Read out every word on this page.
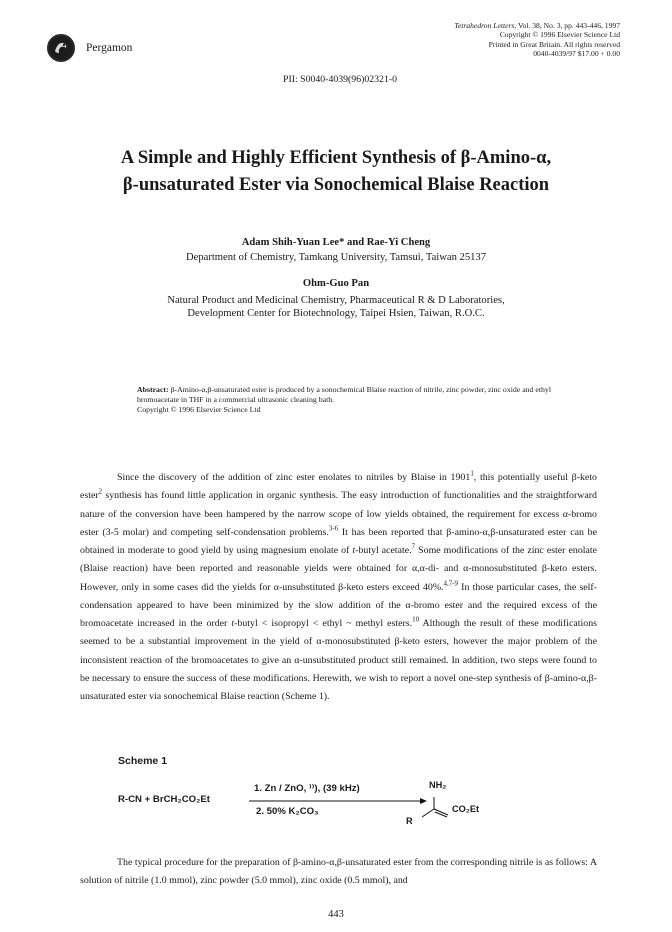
Pergamon
Tetrahedron Letters, Vol. 38, No. 3, pp. 443-446, 1997
Copyright © 1996 Elsevier Science Ltd
Printed in Great Britain. All rights reserved
0040-4039/97 $17.00 + 0.00
PII: S0040-4039(96)02321-0
A Simple and Highly Efficient Synthesis of β-Amino-α,
β-unsaturated Ester via Sonochemical Blaise Reaction
Adam Shih-Yuan Lee* and Rae-Yi Cheng
Department of Chemistry, Tamkang University, Tamsui, Taiwan 25137
Ohm-Guo Pan
Natural Product and Medicinal Chemistry, Pharmaceutical R & D Laboratories,
Development Center for Biotechnology, Taipei Hsien, Taiwan, R.O.C.
Abstract: β-Amino-α,β-unsaturated ester is produced by a sonochemical Blaise reaction of nitrile, zinc powder, zinc oxide and ethyl bromoacetate in THF in a commercial ultrasonic cleaning bath.
Copyright © 1996 Elsevier Science Ltd

Since the discovery of the addition of zinc ester enolates to nitriles by Blaise in 1901$^1$, this potentially useful β-keto ester$^2$ synthesis has found little application in organic synthesis. The easy introduction of functionalities and the straightforward nature of the conversion have been hampered by the narrow scope of low yields obtained, the requirement for excess α-bromo ester (3-5 molar) and competing self-condensation problems.$^{3-6}$ It has been reported that β-amino-α,β-unsaturated ester can be obtained in moderate to good yield by using magnesium enolate of t-butyl acetate.$^7$ Some modifications of the zinc ester enolate (Blaise reaction) have been reported and reasonable yields were obtained for α,α-di- and α-monosubstituted β-keto esters. However, only in some cases did the yields for α-unsubstituted β-keto esters exceed 40%.$^{4,7-9}$ In those particular cases, the self-condensation appeared to have been minimized by the slow addition of the α-bromo ester and the required excess of the bromoacetate increased in the order t-butyl < isopropyl < ethyl ~ methyl esters.$^{10}$ Although the result of these modifications seemed to be a substantial improvement in the yield of α-monosubstituted β-keto esters, however the major problem of the inconsistent reaction of the bromoacetates to give an α-unsubstituted product still remained. In addition, two steps were found to be necessary to ensure the success of these modifications. Herewith, we wish to report a novel one-step synthesis of β-amino-α,β-unsaturated ester via sonochemical Blaise reaction (Scheme 1).

Scheme 1
R-CN + BrCH₂CO₂Et
1. Zn / ZnO, ⁾⁾), (39 kHz)
2. 50% K₂CO₃
NH₂
R
CO₂Et

The typical procedure for the preparation of β-amino-α,β-unsaturated ester from the corresponding nitrile is as follows: A solution of nitrile (1.0 mmol), zinc powder (5.0 mmol), zinc oxide (0.5 mmol), and

443
